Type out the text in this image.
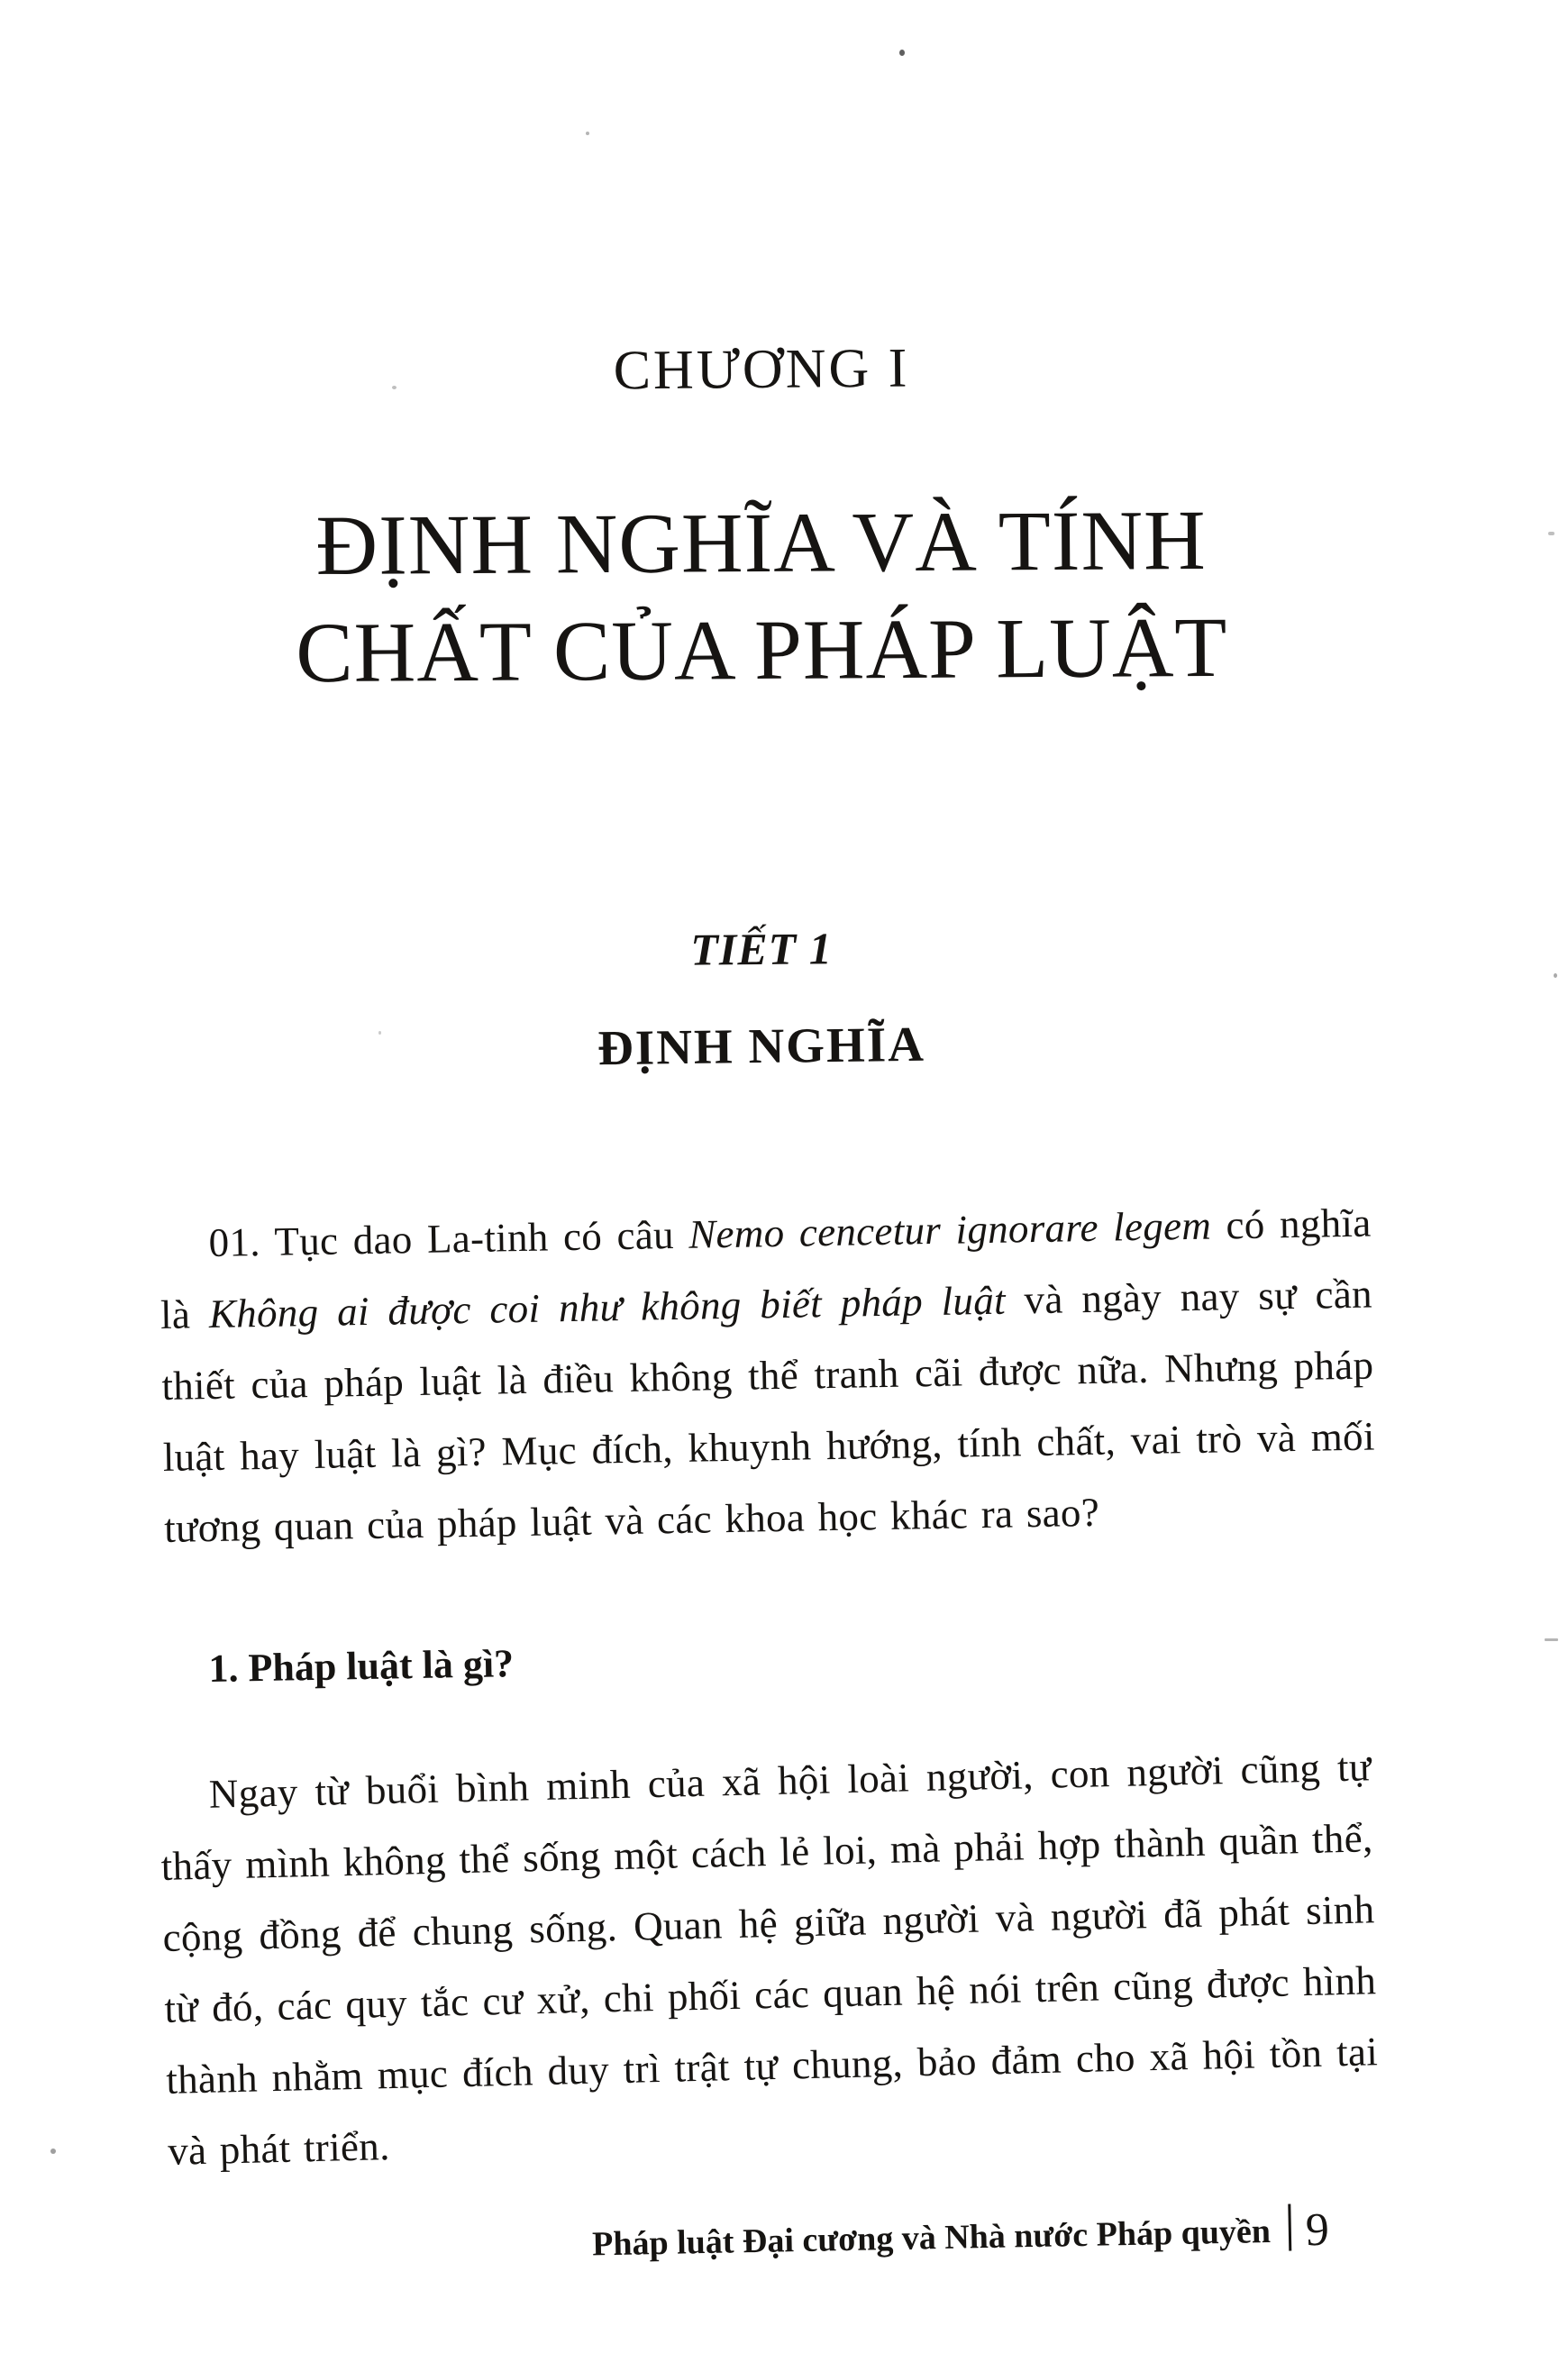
CHƯƠNG I
ĐỊNH NGHĨA VÀ TÍNH
CHẤT CỦA PHÁP LUẬT
TIẾT 1
ĐỊNH NGHĨA

01. Tục dao La-tinh có câu Nemo cencetur ignorare legem có nghĩa là Không ai được coi như không biết pháp luật và ngày nay sự cần thiết của pháp luật là điều không thể tranh cãi được nữa. Nhưng pháp luật hay luật là gì? Mục đích, khuynh hướng, tính chất, vai trò và mối tương quan của pháp luật và các khoa học khác ra sao?

1. Pháp luật là gì?

Ngay từ buổi bình minh của xã hội loài người, con người cũng tự thấy mình không thể sống một cách lẻ loi, mà phải hợp thành quần thể, cộng đồng để chung sống. Quan hệ giữa người và người đã phát sinh từ đó, các quy tắc cư xử, chi phối các quan hệ nói trên cũng được hình thành nhằm mục đích duy trì trật tự chung, bảo đảm cho xã hội tồn tại và phát triển.

Pháp luật Đại cương và Nhà nước Pháp quyền 9
